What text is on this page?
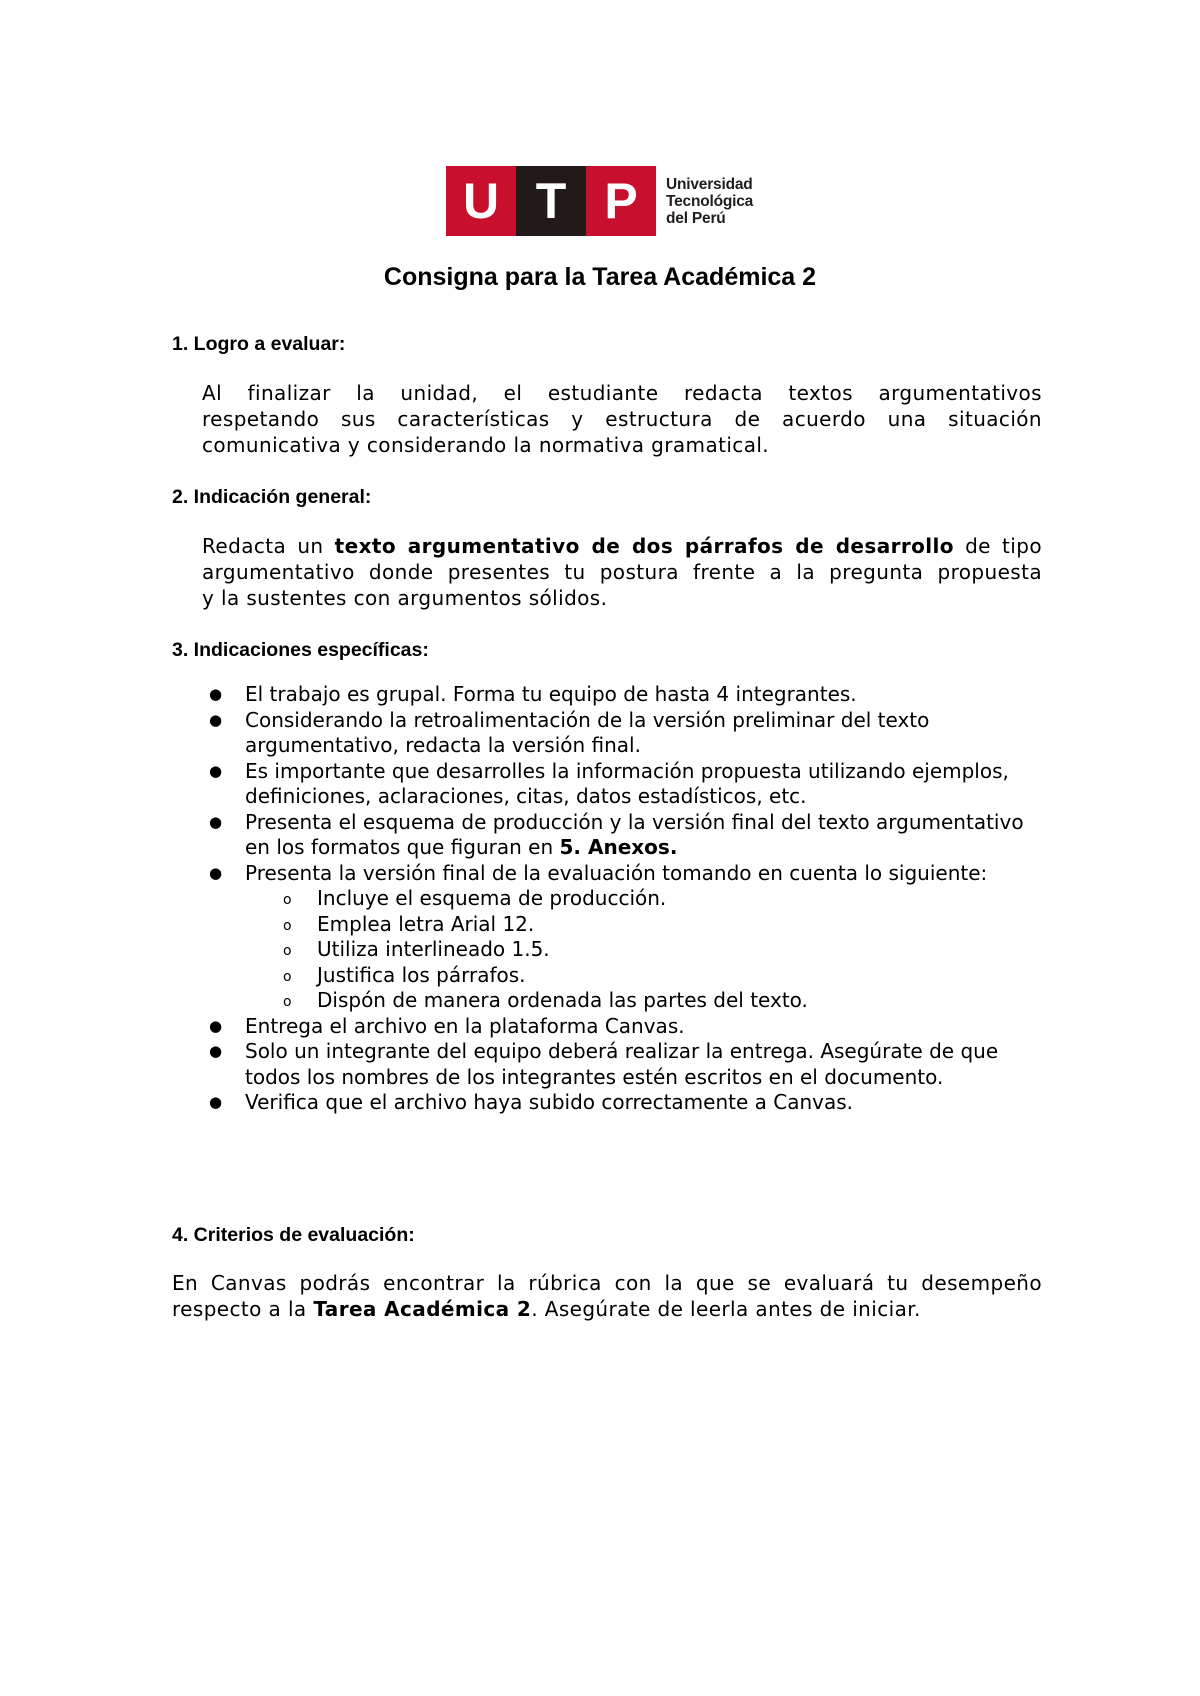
U T P	Universidad
Tecnológica
del Perú
Consigna para la Tarea Académica 2
1. Logro a evaluar:
Al finalizar la unidad, el estudiante redacta textos argumentativos
respetando sus características y estructura de acuerdo una situación
comunicativa y considerando la normativa gramatical.
2. Indicación general:
Redacta un texto argumentativo de dos párrafos de desarrollo de tipo
argumentativo donde presentes tu postura frente a la pregunta propuesta
y la sustentes con argumentos sólidos.
3. Indicaciones específicas:
● El trabajo es grupal. Forma tu equipo de hasta 4 integrantes.
● Considerando la retroalimentación de la versión preliminar del texto argumentativo, redacta la versión final.
● Es importante que desarrolles la información propuesta utilizando ejemplos, definiciones, aclaraciones, citas, datos estadísticos, etc.
● Presenta el esquema de producción y la versión final del texto argumentativo en los formatos que figuran en 5. Anexos.
● Presenta la versión final de la evaluación tomando en cuenta lo siguiente:
o Incluye el esquema de producción.
o Emplea letra Arial 12.
o Utiliza interlineado 1.5.
o Justifica los párrafos.
o Dispón de manera ordenada las partes del texto.
● Entrega el archivo en la plataforma Canvas.
● Solo un integrante del equipo deberá realizar la entrega. Asegúrate de que todos los nombres de los integrantes estén escritos en el documento.
● Verifica que el archivo haya subido correctamente a Canvas.
4. Criterios de evaluación:
En Canvas podrás encontrar la rúbrica con la que se evaluará tu desempeño
respecto a la Tarea Académica 2. Asegúrate de leerla antes de iniciar.
